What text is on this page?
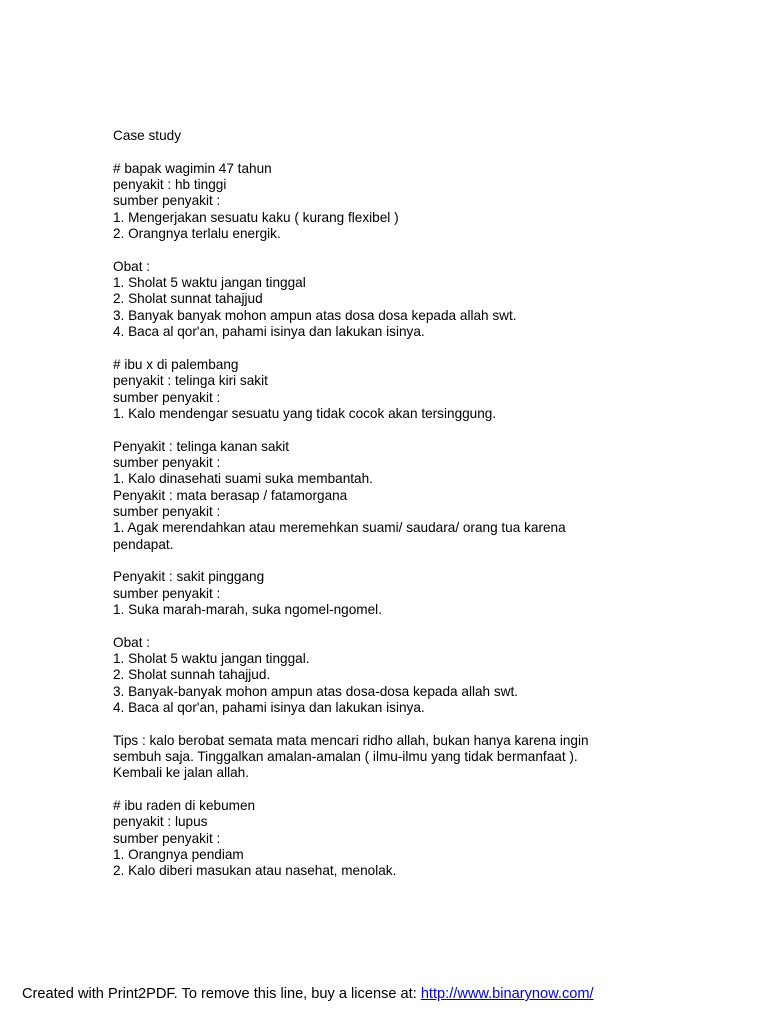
Case study
# bapak wagimin 47 tahun
penyakit : hb tinggi
sumber penyakit :
1. Mengerjakan sesuatu kaku ( kurang flexibel )
2. Orangnya terlalu energik.
Obat :
1. Sholat 5 waktu jangan tinggal
2. Sholat sunnat tahajjud
3. Banyak banyak mohon ampun atas dosa dosa kepada allah swt.
4. Baca al qor'an, pahami isinya dan lakukan isinya.
# ibu x di palembang
penyakit : telinga kiri sakit
sumber penyakit :
1. Kalo mendengar sesuatu yang tidak cocok akan tersinggung.
Penyakit : telinga kanan sakit
sumber penyakit :
1. Kalo dinasehati suami suka membantah.
Penyakit : mata berasap / fatamorgana
sumber penyakit :
1. Agak merendahkan atau meremehkan suami/ saudara/ orang tua karena
pendapat.
Penyakit : sakit pinggang
sumber penyakit :
1. Suka marah-marah, suka ngomel-ngomel.
Obat :
1. Sholat 5 waktu jangan tinggal.
2. Sholat sunnah tahajjud.
3. Banyak-banyak mohon ampun atas dosa-dosa kepada allah swt.
4. Baca al qor'an, pahami isinya dan lakukan isinya.
Tips : kalo berobat semata mata mencari ridho allah, bukan hanya karena ingin
sembuh saja. Tinggalkan amalan-amalan ( ilmu-ilmu yang tidak bermanfaat ).
Kembali ke jalan allah.
# ibu raden di kebumen
penyakit : lupus
sumber penyakit :
1. Orangnya pendiam
2. Kalo diberi masukan atau nasehat, menolak.
Created with Print2PDF. To remove this line, buy a license at: http://www.binarynow.com/
